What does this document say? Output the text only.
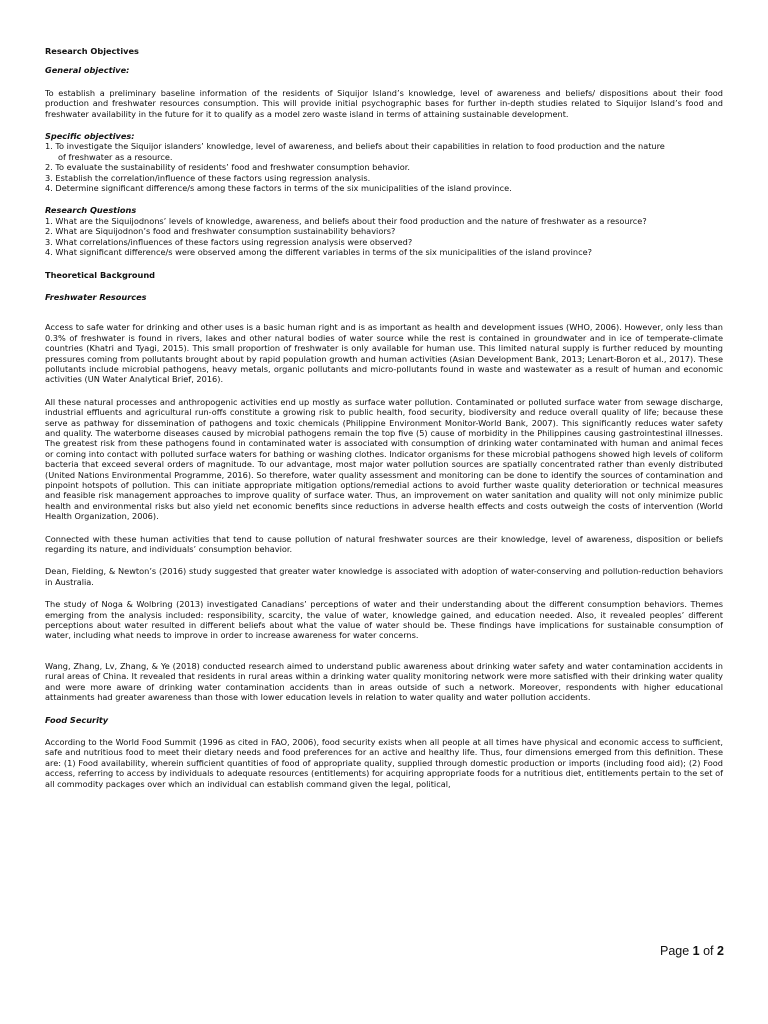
Research Objectives

General objective:

To establish a preliminary baseline information of the residents of Siquijor Island’s knowledge, level of awareness and beliefs/ dispositions about their food production and freshwater resources consumption. This will provide initial psychographic bases for further in-depth studies related to Siquijor Island’s food and freshwater availability in the future for it to qualify as a model zero waste island in terms of attaining sustainable development.

Specific objectives:

1. To investigate the Siquijor islanders’ knowledge, level of awareness, and beliefs about their capabilities in relation to food production and the nature

of freshwater as a resource.

2. To evaluate the sustainability of residents’ food and freshwater consumption behavior.

3. Establish the correlation/influence of these factors using regression analysis.

4. Determine significant difference/s among these factors in terms of the six municipalities of the island province.

Research Questions

1. What are the Siquijodnons’ levels of knowledge, awareness, and beliefs about their food production and the nature of freshwater as a resource?

2. What are Siquijodnon’s food and freshwater consumption sustainability behaviors?

3. What correlations/influences of these factors using regression analysis were observed?

4. What significant difference/s were observed among the different variables in terms of the six municipalities of the island province?

Theoretical Background

Freshwater Resources

Access to safe water for drinking and other uses is a basic human right and is as important as health and development issues (WHO, 2006). However, only less than 0.3% of freshwater is found in rivers, lakes and other natural bodies of water source while the rest is contained in groundwater and in ice of temperate-climate countries (Khatri and Tyagi, 2015). This small proportion of freshwater is only available for human use. This limited natural supply is further reduced by mounting pressures coming from pollutants brought about by rapid population growth and human activities (Asian Development Bank, 2013; Lenart-Boron et al., 2017). These pollutants include microbial pathogens, heavy metals, organic pollutants and micro-pollutants found in waste and wastewater as a result of human and economic activities (UN Water Analytical Brief, 2016).

All these natural processes and anthropogenic activities end up mostly as surface water pollution. Contaminated or polluted surface water from sewage discharge, industrial effluents and agricultural run-offs constitute a growing risk to public health, food security, biodiversity and reduce overall quality of life; because these serve as pathway for dissemination of pathogens and toxic chemicals (Philippine Environment Monitor-World Bank, 2007). This significantly reduces water safety and quality. The waterborne diseases caused by microbial pathogens remain the top five (5) cause of morbidity in the Philippines causing gastrointestinal illnesses. The greatest risk from these pathogens found in contaminated water is associated with consumption of drinking water contaminated with human and animal feces or coming into contact with polluted surface waters for bathing or washing clothes. Indicator organisms for these microbial pathogens showed high levels of coliform bacteria that exceed several orders of magnitude. To our advantage, most major water pollution sources are spatially concentrated rather than evenly distributed (United Nations Environmental Programme, 2016). So therefore, water quality assessment and monitoring can be done to identify the sources of contamination and pinpoint hotspots of pollution. This can initiate appropriate mitigation options/remedial actions to avoid further waste quality deterioration or technical measures and feasible risk management approaches to improve quality of surface water. Thus, an improvement on water sanitation and quality will not only minimize public health and environmental risks but also yield net economic benefits since reductions in adverse health effects and costs outweigh the costs of intervention (World Health Organization, 2006).

Connected with these human activities that tend to cause pollution of natural freshwater sources are their knowledge, level of awareness, disposition or beliefs regarding its nature, and individuals’ consumption behavior.

Dean, Fielding, & Newton’s (2016) study suggested that greater water knowledge is associated with adoption of water-conserving and pollution-reduction behaviors in Australia.

The study of Noga & Wolbring (2013) investigated Canadians’ perceptions of water and their understanding about the different consumption behaviors. Themes emerging from the analysis included: responsibility, scarcity, the value of water, knowledge gained, and education needed. Also, it revealed peoples’ different perceptions about water resulted in different beliefs about what the value of water should be. These findings have implications for sustainable consumption of water, including what needs to improve in order to increase awareness for water concerns.

Wang, Zhang, Lv, Zhang, & Ye (2018) conducted research aimed to understand public awareness about drinking water safety and water contamination accidents in rural areas of China. It revealed that residents in rural areas within a drinking water quality monitoring network were more satisfied with their drinking water quality and were more aware of drinking water contamination accidents than in areas outside of such a network. Moreover, respondents with higher educational attainments had greater awareness than those with lower education levels in relation to water quality and water pollution accidents.

Food Security

According to the World Food Summit (1996 as cited in FAO, 2006), food security exists when all people at all times have physical and economic access to sufficient, safe and nutritious food to meet their dietary needs and food preferences for an active and healthy life. Thus, four dimensions emerged from this definition. These are: (1) Food availability, wherein sufficient quantities of food of appropriate quality, supplied through domestic production or imports (including food aid); (2) Food access, referring to access by individuals to adequate resources (entitlements) for acquiring appropriate foods for a nutritious diet, entitlements pertain to the set of all commodity packages over which an individual can establish command given the legal, political,

Page 1 of 2
